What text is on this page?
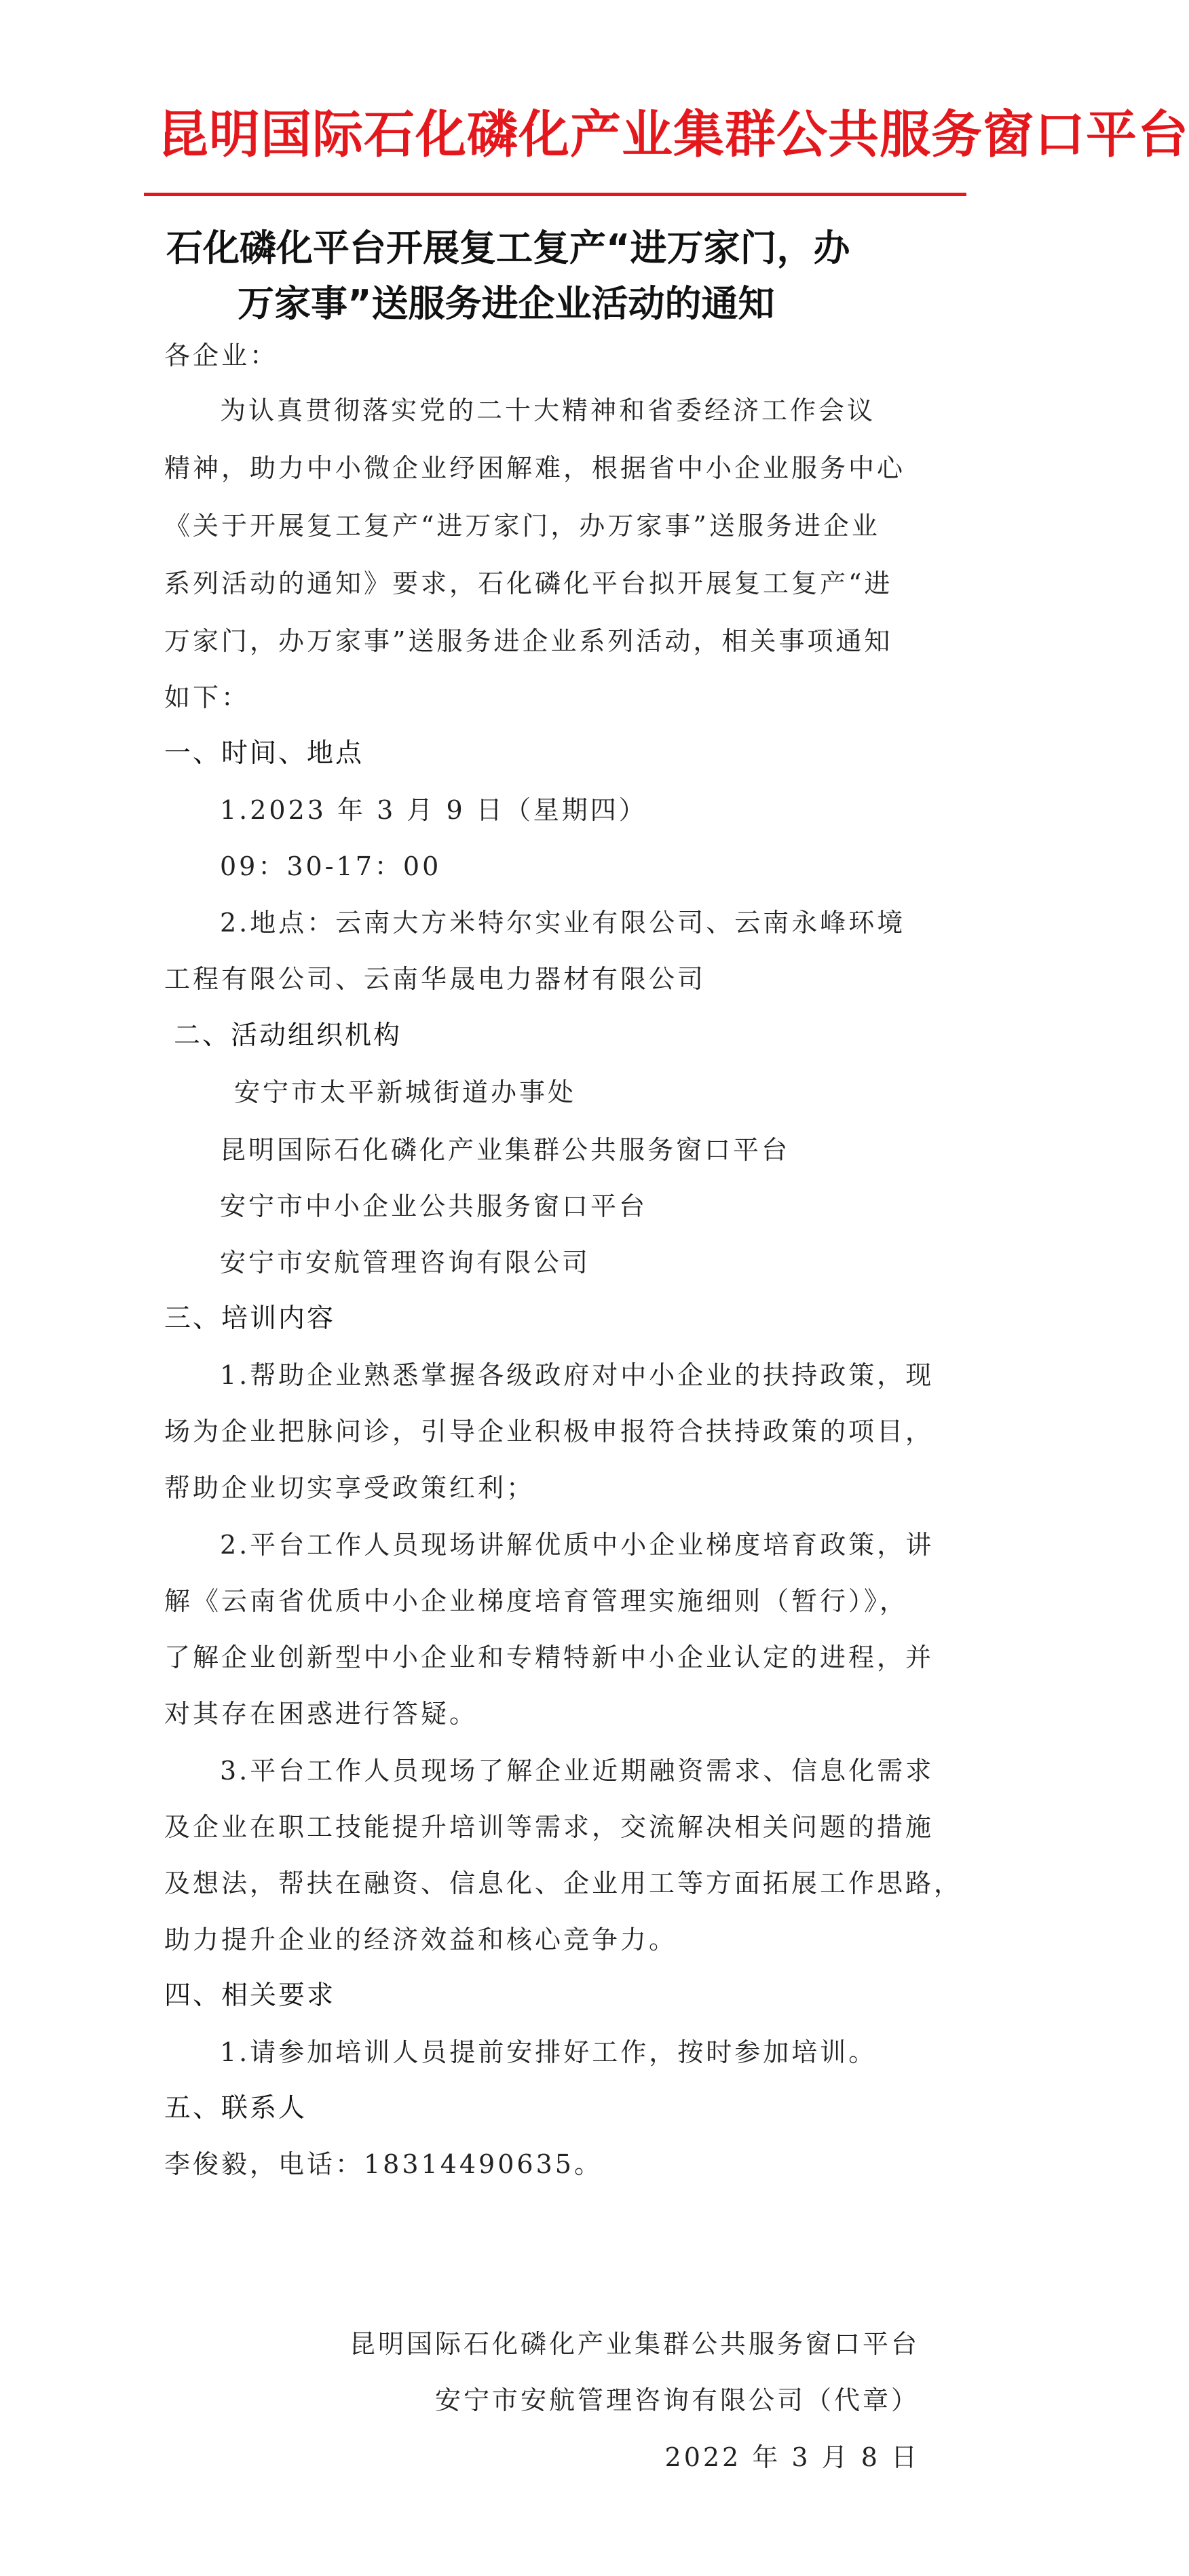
昆明国际石化磷化产业集群公共服务窗口平台
石化磷化平台开展复工复产“进万家门，办
万家事”送服务进企业活动的通知
各企业：
为认真贯彻落实党的二十大精神和省委经济工作会议
精神，助力中小微企业纾困解难，根据省中小企业服务中心
《关于开展复工复产“进万家门，办万家事”送服务进企业
系列活动的通知》要求，石化磷化平台拟开展复工复产“进
万家门，办万家事”送服务进企业系列活动，相关事项通知
如下：
一、时间、地点
1.2023 年 3 月 9 日（星期四）
09：30-17：00
2.地点：云南大方米特尔实业有限公司、云南永峰环境
工程有限公司、云南华晟电力器材有限公司
二、活动组织机构
安宁市太平新城街道办事处
昆明国际石化磷化产业集群公共服务窗口平台
安宁市中小企业公共服务窗口平台
安宁市安航管理咨询有限公司
三、培训内容
1.帮助企业熟悉掌握各级政府对中小企业的扶持政策，现
场为企业把脉问诊，引导企业积极申报符合扶持政策的项目，
帮助企业切实享受政策红利；
2.平台工作人员现场讲解优质中小企业梯度培育政策，讲
解《云南省优质中小企业梯度培育管理实施细则（暂行）》，
了解企业创新型中小企业和专精特新中小企业认定的进程，并
对其存在困惑进行答疑。
3.平台工作人员现场了解企业近期融资需求、信息化需求
及企业在职工技能提升培训等需求，交流解决相关问题的措施
及想法，帮扶在融资、信息化、企业用工等方面拓展工作思路，
助力提升企业的经济效益和核心竞争力。
四、相关要求
1.请参加培训人员提前安排好工作，按时参加培训。
五、联系人
李俊毅，电话：18314490635。
昆明国际石化磷化产业集群公共服务窗口平台
安宁市安航管理咨询有限公司（代章）
2022 年 3 月 8 日
